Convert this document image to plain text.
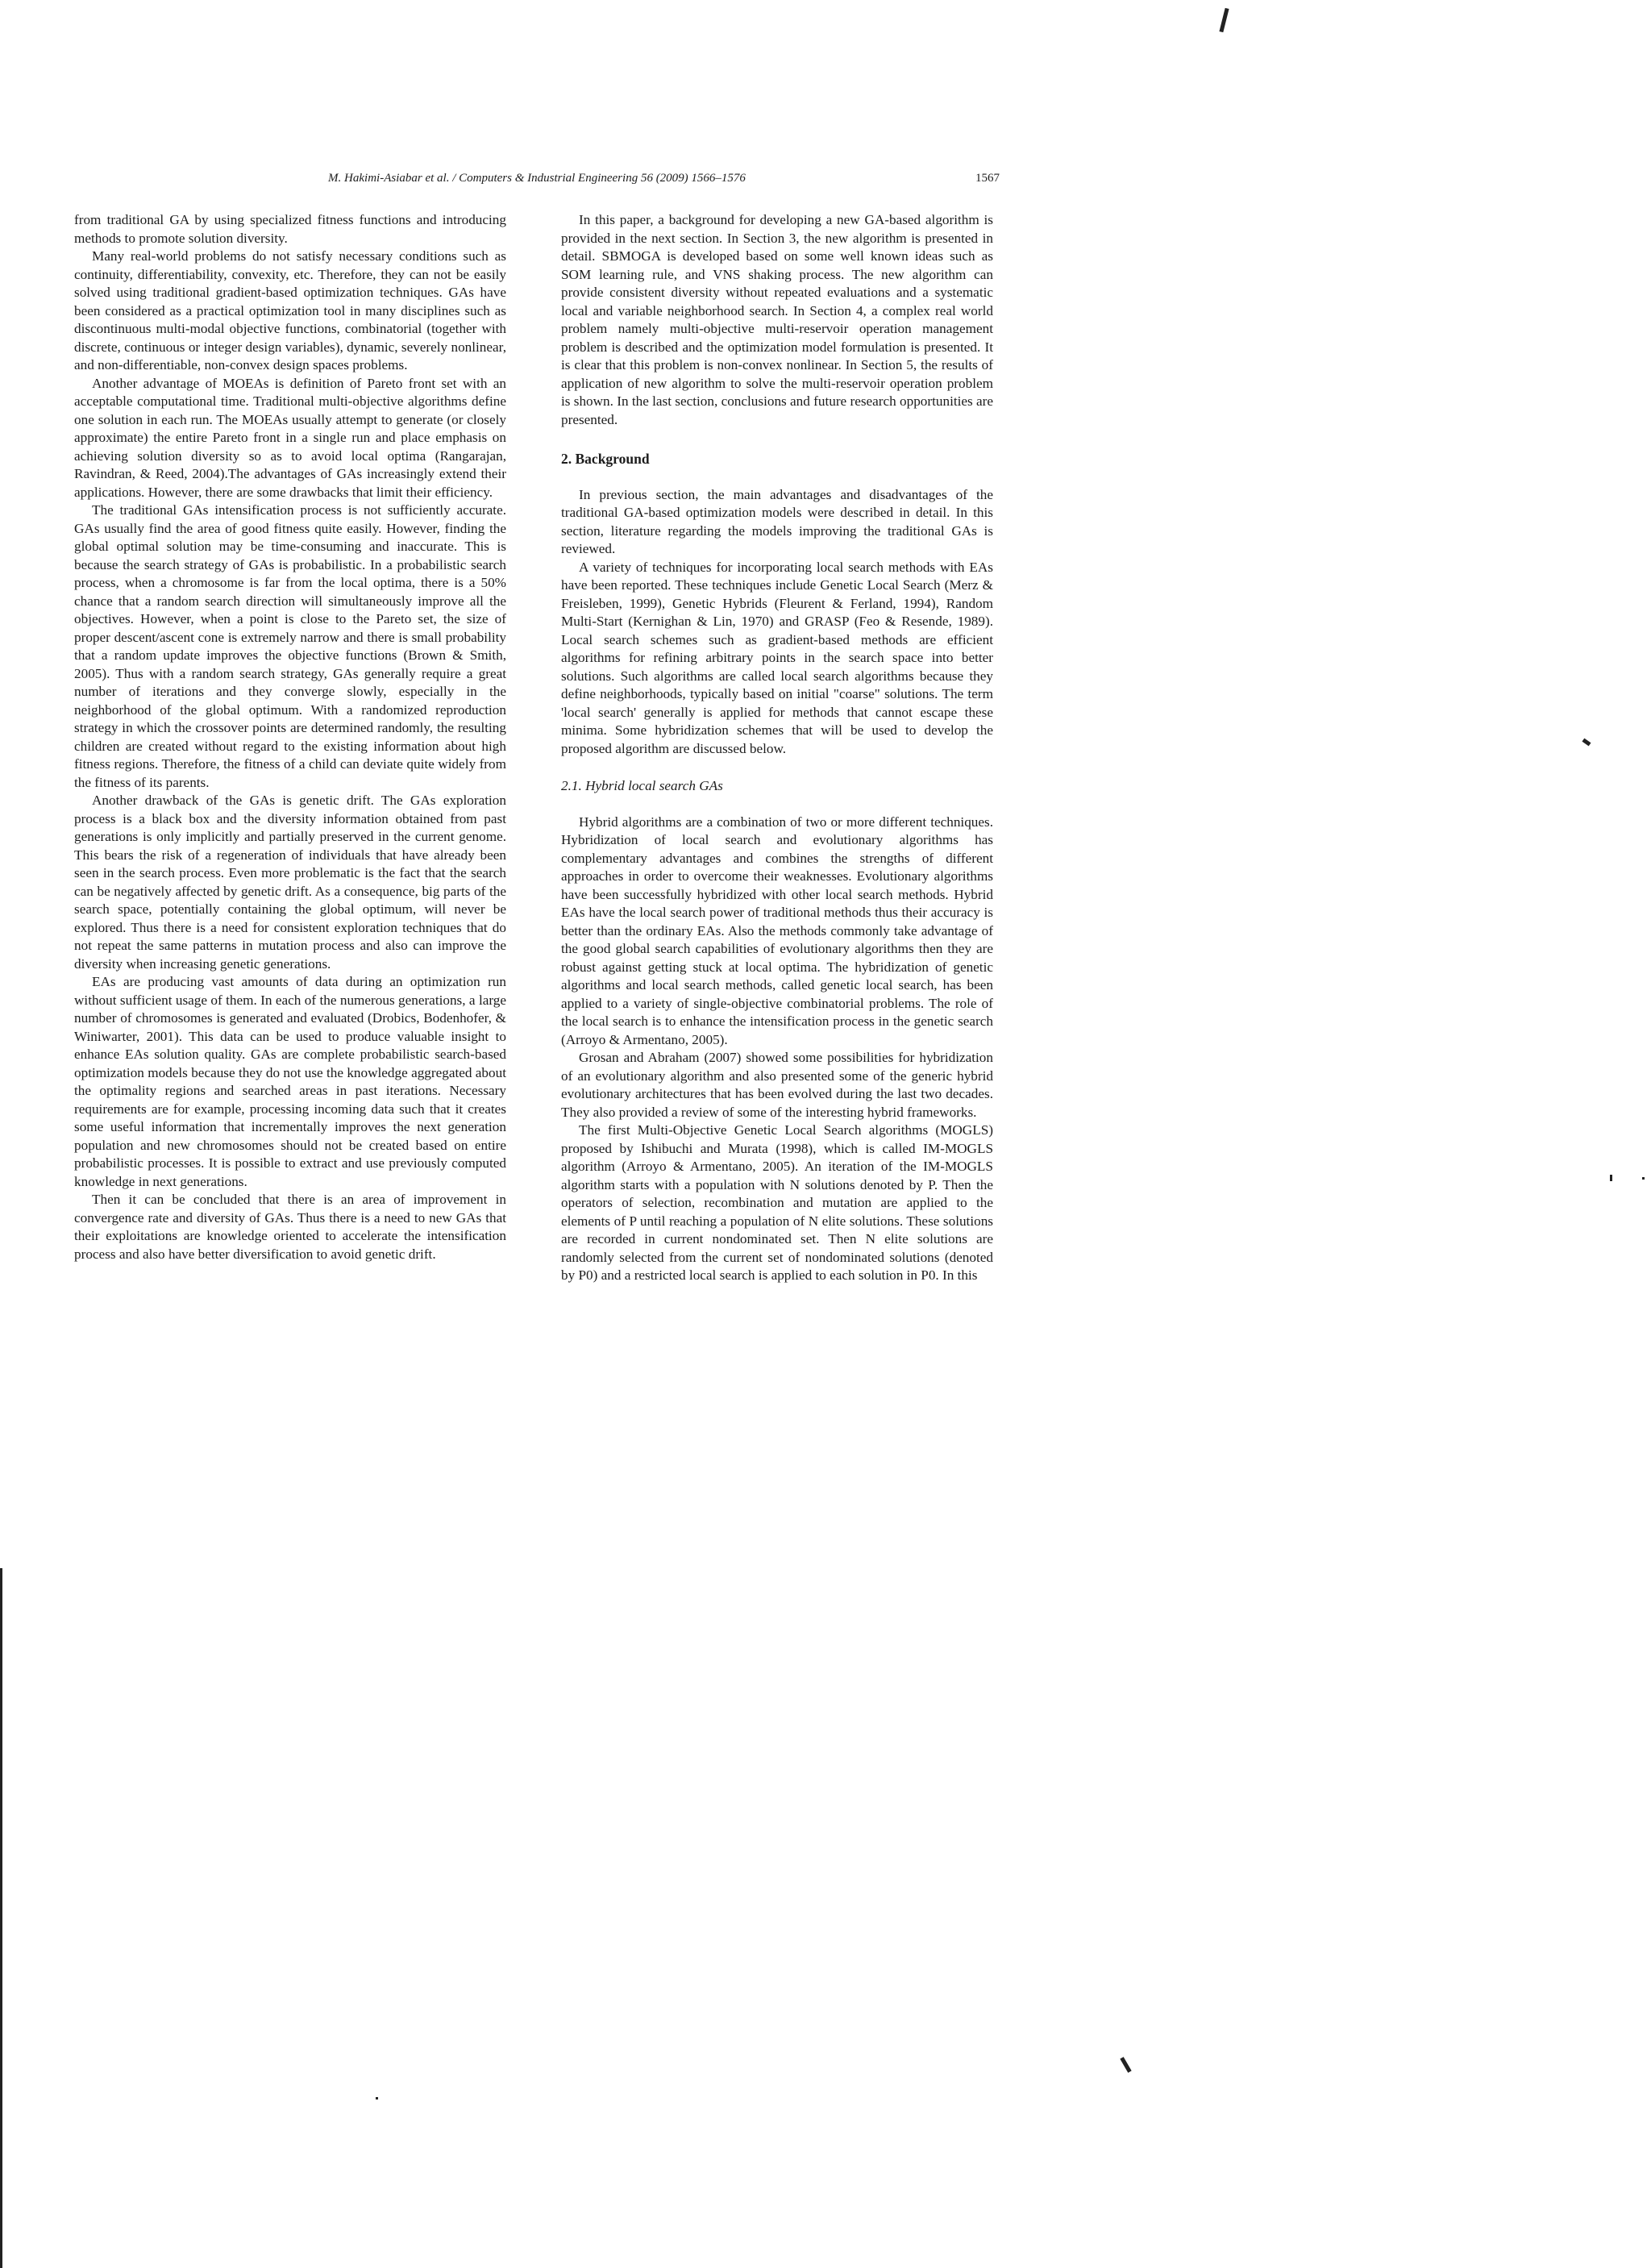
M. Hakimi-Asiabar et al. / Computers & Industrial Engineering 56 (2009) 1566–1576	1567

from traditional GA by using specialized fitness functions and introducing methods to promote solution diversity.

Many real-world problems do not satisfy necessary conditions such as continuity, differentiability, convexity, etc. Therefore, they can not be easily solved using traditional gradient-based optimization techniques. GAs have been considered as a practical optimization tool in many disciplines such as discontinuous multi-modal objective functions, combinatorial (together with discrete, continuous or integer design variables), dynamic, severely nonlinear, and non-differentiable, non-convex design spaces problems.

Another advantage of MOEAs is definition of Pareto front set with an acceptable computational time. Traditional multi-objective algorithms define one solution in each run. The MOEAs usually attempt to generate (or closely approximate) the entire Pareto front in a single run and place emphasis on achieving solution diversity so as to avoid local optima (Rangarajan, Ravindran, & Reed, 2004).The advantages of GAs increasingly extend their applications. However, there are some drawbacks that limit their efficiency.

The traditional GAs intensification process is not sufficiently accurate. GAs usually find the area of good fitness quite easily. However, finding the global optimal solution may be time-consuming and inaccurate. This is because the search strategy of GAs is probabilistic. In a probabilistic search process, when a chromosome is far from the local optima, there is a 50% chance that a random search direction will simultaneously improve all the objectives. However, when a point is close to the Pareto set, the size of proper descent/ascent cone is extremely narrow and there is small probability that a random update improves the objective functions (Brown & Smith, 2005). Thus with a random search strategy, GAs generally require a great number of iterations and they converge slowly, especially in the neighborhood of the global optimum. With a randomized reproduction strategy in which the crossover points are determined randomly, the resulting children are created without regard to the existing information about high fitness regions. Therefore, the fitness of a child can deviate quite widely from the fitness of its parents.

Another drawback of the GAs is genetic drift. The GAs exploration process is a black box and the diversity information obtained from past generations is only implicitly and partially preserved in the current genome. This bears the risk of a regeneration of individuals that have already been seen in the search process. Even more problematic is the fact that the search can be negatively affected by genetic drift. As a consequence, big parts of the search space, potentially containing the global optimum, will never be explored. Thus there is a need for consistent exploration techniques that do not repeat the same patterns in mutation process and also can improve the diversity when increasing genetic generations.

EAs are producing vast amounts of data during an optimization run without sufficient usage of them. In each of the numerous generations, a large number of chromosomes is generated and evaluated (Drobics, Bodenhofer, & Winiwarter, 2001). This data can be used to produce valuable insight to enhance EAs solution quality. GAs are complete probabilistic search-based optimization models because they do not use the knowledge aggregated about the optimality regions and searched areas in past iterations. Necessary requirements are for example, processing incoming data such that it creates some useful information that incrementally improves the next generation population and new chromosomes should not be created based on entire probabilistic processes. It is possible to extract and use previously computed knowledge in next generations.

Then it can be concluded that there is an area of improvement in convergence rate and diversity of GAs. Thus there is a need to new GAs that their exploitations are knowledge oriented to accelerate the intensification process and also have better diversification to avoid genetic drift.

In this paper, a background for developing a new GA-based algorithm is provided in the next section. In Section 3, the new algorithm is presented in detail. SBMOGA is developed based on some well known ideas such as SOM learning rule, and VNS shaking process. The new algorithm can provide consistent diversity without repeated evaluations and a systematic local and variable neighborhood search. In Section 4, a complex real world problem namely multi-objective multi-reservoir operation management problem is described and the optimization model formulation is presented. It is clear that this problem is non-convex nonlinear. In Section 5, the results of application of new algorithm to solve the multi-reservoir operation problem is shown. In the last section, conclusions and future research opportunities are presented.

2. Background

In previous section, the main advantages and disadvantages of the traditional GA-based optimization models were described in detail. In this section, literature regarding the models improving the traditional GAs is reviewed.

A variety of techniques for incorporating local search methods with EAs have been reported. These techniques include Genetic Local Search (Merz & Freisleben, 1999), Genetic Hybrids (Fleurent & Ferland, 1994), Random Multi-Start (Kernighan & Lin, 1970) and GRASP (Feo & Resende, 1989). Local search schemes such as gradient-based methods are efficient algorithms for refining arbitrary points in the search space into better solutions. Such algorithms are called local search algorithms because they define neighborhoods, typically based on initial "coarse" solutions. The term 'local search' generally is applied for methods that cannot escape these minima. Some hybridization schemes that will be used to develop the proposed algorithm are discussed below.

2.1. Hybrid local search GAs

Hybrid algorithms are a combination of two or more different techniques. Hybridization of local search and evolutionary algorithms has complementary advantages and combines the strengths of different approaches in order to overcome their weaknesses. Evolutionary algorithms have been successfully hybridized with other local search methods. Hybrid EAs have the local search power of traditional methods thus their accuracy is better than the ordinary EAs. Also the methods commonly take advantage of the good global search capabilities of evolutionary algorithms then they are robust against getting stuck at local optima. The hybridization of genetic algorithms and local search methods, called genetic local search, has been applied to a variety of single-objective combinatorial problems. The role of the local search is to enhance the intensification process in the genetic search (Arroyo & Armentano, 2005).

Grosan and Abraham (2007) showed some possibilities for hybridization of an evolutionary algorithm and also presented some of the generic hybrid evolutionary architectures that has been evolved during the last two decades. They also provided a review of some of the interesting hybrid frameworks.

The first Multi-Objective Genetic Local Search algorithms (MOGLS) proposed by Ishibuchi and Murata (1998), which is called IM-MOGLS algorithm (Arroyo & Armentano, 2005). An iteration of the IM-MOGLS algorithm starts with a population with N solutions denoted by P. Then the operators of selection, recombination and mutation are applied to the elements of P until reaching a population of N elite solutions. These solutions are recorded in current nondominated set. Then N elite solutions are randomly selected from the current set of nondominated solutions (denoted by P0) and a restricted local search is applied to each solution in P0. In this
